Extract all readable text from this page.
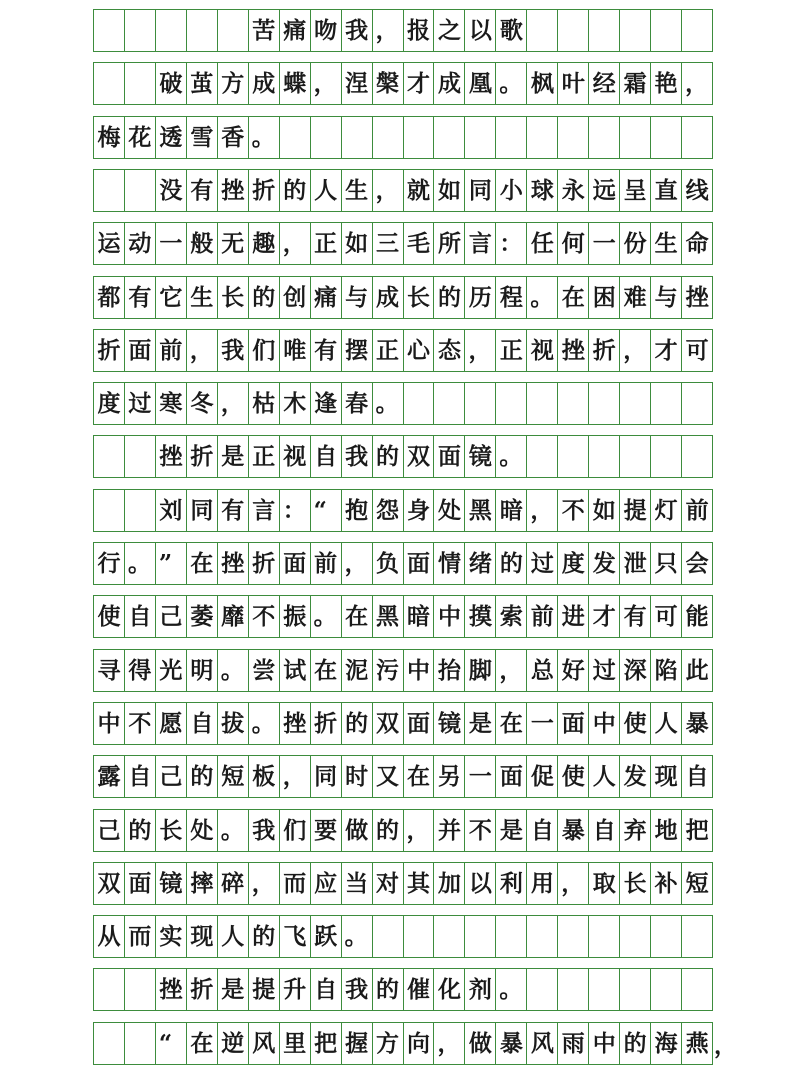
苦 痛 吻 我 ， 报 之 以 歌
破 茧 方 成 蝶 ， 涅 槃 才 成 凰 。 枫 叶 经 霜 艳 ，
梅 花 透 雪 香 。
没 有 挫 折 的 人 生 ， 就 如 同 小 球 永 远 呈 直 线
运 动 一 般 无 趣 ， 正 如 三 毛 所 言 ： 任 何 一 份 生 命
都 有 它 生 长 的 创 痛 与 成 长 的 历 程 。 在 困 难 与 挫
折 面 前 ， 我 们 唯 有 摆 正 心 态 ， 正 视 挫 折 ， 才 可
度 过 寒 冬 ， 枯 木 逢 春 。
挫 折 是 正 视 自 我 的 双 面 镜 。
刘 同 有 言 ： “ 抱 怨 身 处 黑 暗 ， 不 如 提 灯 前
行 。 ” 在 挫 折 面 前 ， 负 面 情 绪 的 过 度 发 泄 只 会
使 自 己 萎 靡 不 振 。 在 黑 暗 中 摸 索 前 进 才 有 可 能
寻 得 光 明 。 尝 试 在 泥 污 中 抬 脚 ， 总 好 过 深 陷 此
中 不 愿 自 拔 。 挫 折 的 双 面 镜 是 在 一 面 中 使 人 暴
露 自 己 的 短 板 ， 同 时 又 在 另 一 面 促 使 人 发 现 自
己 的 长 处 。 我 们 要 做 的 ， 并 不 是 自 暴 自 弃 地 把
双 面 镜 摔 碎 ， 而 应 当 对 其 加 以 利 用 ， 取 长 补 短
从 而 实 现 人 的 飞 跃 。
挫 折 是 提 升 自 我 的 催 化 剂 。
“ 在 逆 风 里 把 握 方 向 ， 做 暴 风 雨 中 的 海 燕 ，
